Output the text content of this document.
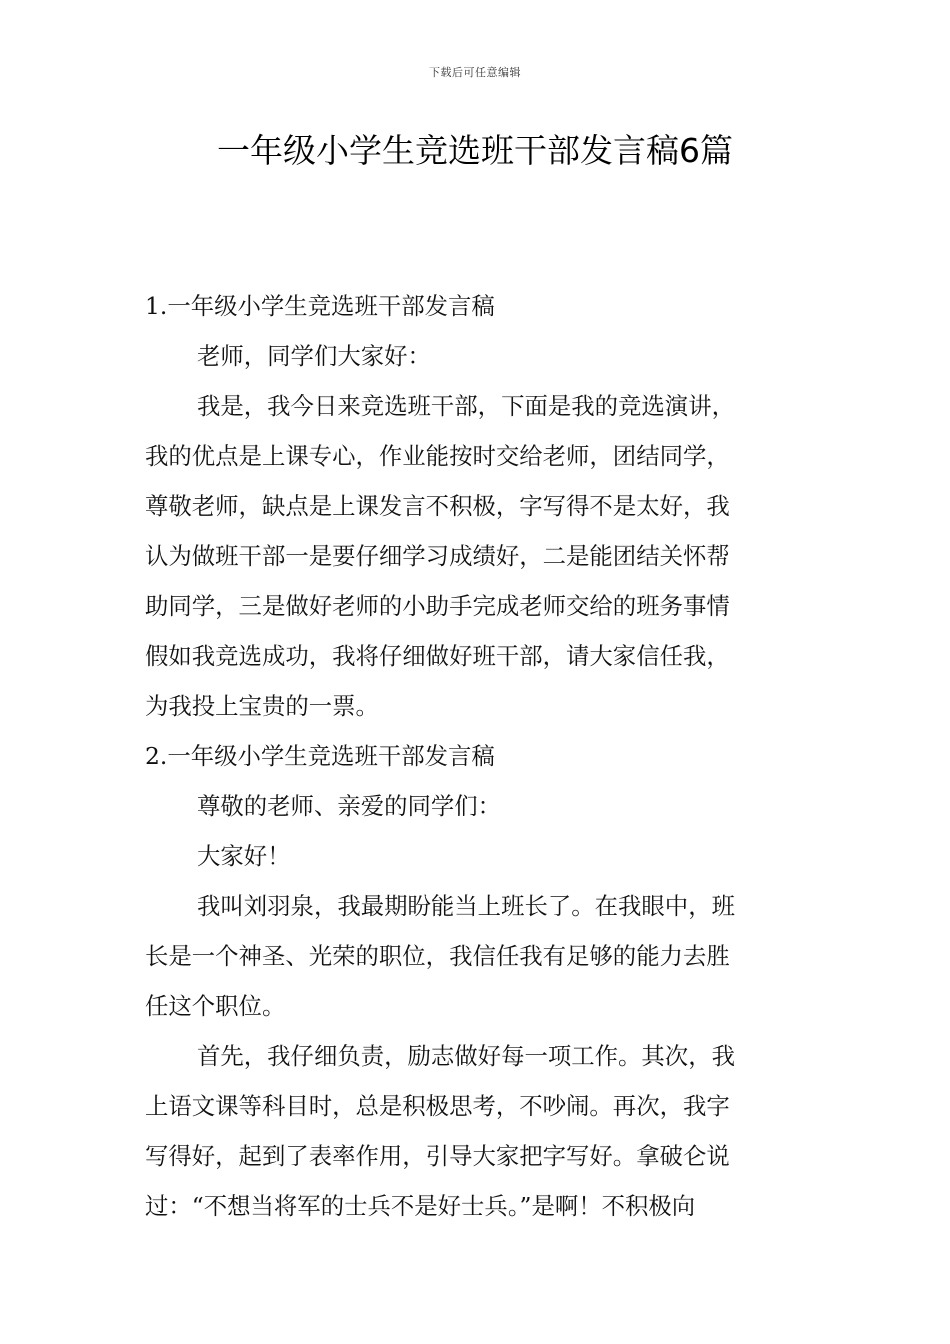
下载后可任意编辑
一年级小学生竞选班干部发言稿6篇
1.一年级小学生竞选班干部发言稿
老师，同学们大家好：
我是，我今日来竞选班干部，下面是我的竞选演讲，
我的优点是上课专心，作业能按时交给老师，团结同学，
尊敬老师，缺点是上课发言不积极，字写得不是太好，我
认为做班干部一是要仔细学习成绩好，二是能团结关怀帮
助同学，三是做好老师的小助手完成老师交给的班务事情
假如我竞选成功，我将仔细做好班干部，请大家信任我，
为我投上宝贵的一票。
2.一年级小学生竞选班干部发言稿
尊敬的老师、亲爱的同学们：
大家好！
我叫刘羽泉，我最期盼能当上班长了。在我眼中，班
长是一个神圣、光荣的职位，我信任我有足够的能力去胜
任这个职位。
首先，我仔细负责，励志做好每一项工作。其次，我
上语文课等科目时，总是积极思考，不吵闹。再次，我字
写得好，起到了表率作用，引导大家把字写好。拿破仑说
过：“不想当将军的士兵不是好士兵。”是啊！不积极向
